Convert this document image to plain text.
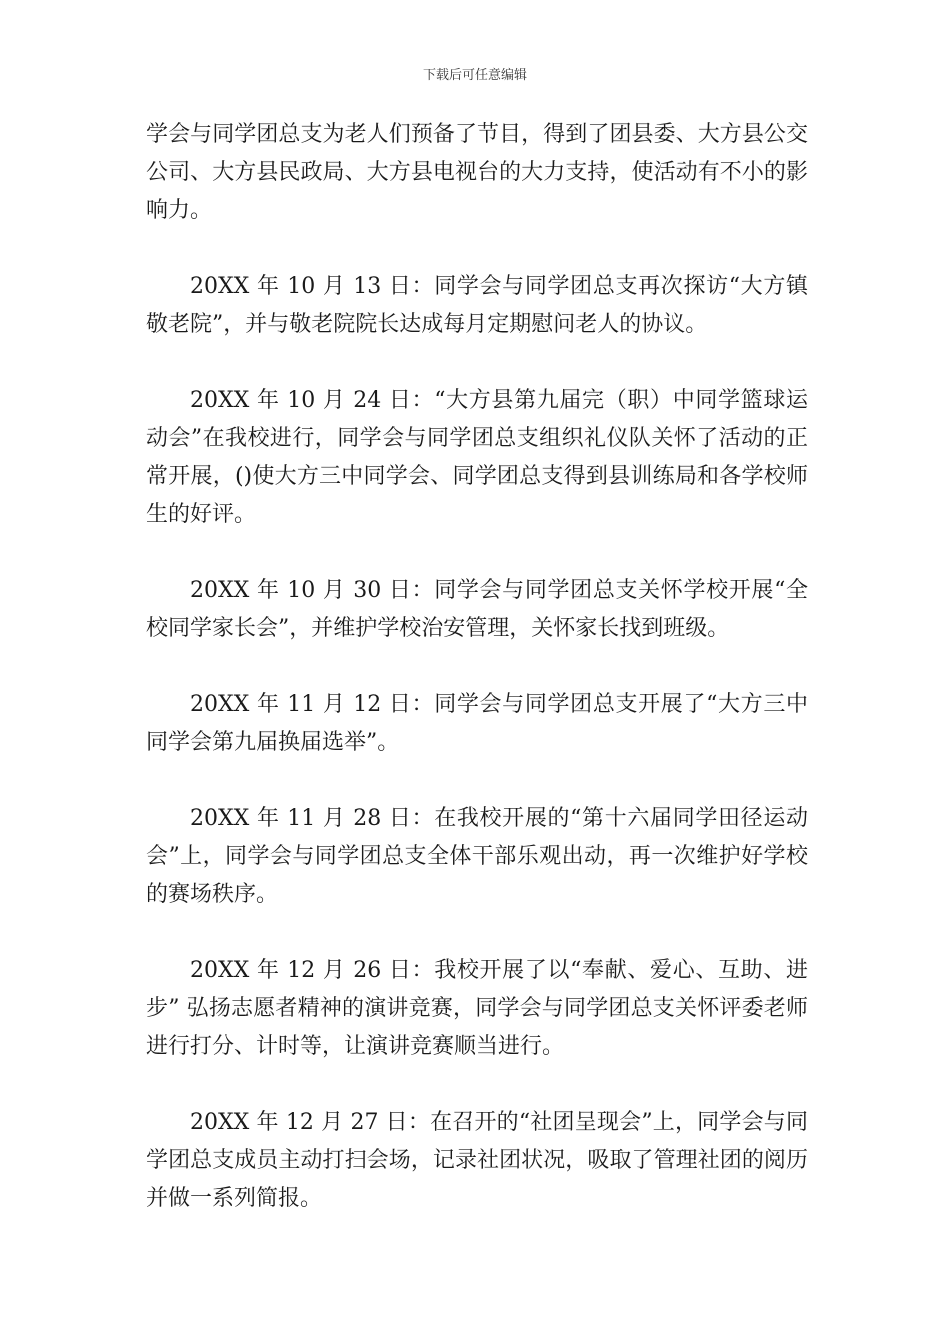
下载后可任意编辑

学会与同学团总支为老人们预备了节目，得到了团县委、大方县公交公司、大方县民政局、大方县电视台的大力支持，使活动有不小的影响力。

20XX 年 10 月 13 日：同学会与同学团总支再次探访“大方镇敬老院”，并与敬老院院长达成每月定期慰问老人的协议。

20XX 年 10 月 24 日：“大方县第九届完（职）中同学篮球运动会”在我校进行，同学会与同学团总支组织礼仪队关怀了活动的正常开展，()使大方三中同学会、同学团总支得到县训练局和各学校师生的好评。

20XX 年 10 月 30 日：同学会与同学团总支关怀学校开展“全校同学家长会”，并维护学校治安管理，关怀家长找到班级。

20XX 年 11 月 12 日：同学会与同学团总支开展了“大方三中同学会第九届换届选举”。

20XX 年 11 月 28 日：在我校开展的“第十六届同学田径运动会”上，同学会与同学团总支全体干部乐观出动，再一次维护好学校的赛场秩序。

20XX 年 12 月 26 日：我校开展了以“奉献、爱心、互助、进步” 弘扬志愿者精神的演讲竞赛，同学会与同学团总支关怀评委老师进行打分、计时等，让演讲竞赛顺当进行。

20XX 年 12 月 27 日：在召开的“社团呈现会”上，同学会与同学团总支成员主动打扫会场，记录社团状况，吸取了管理社团的阅历并做一系列简报。
